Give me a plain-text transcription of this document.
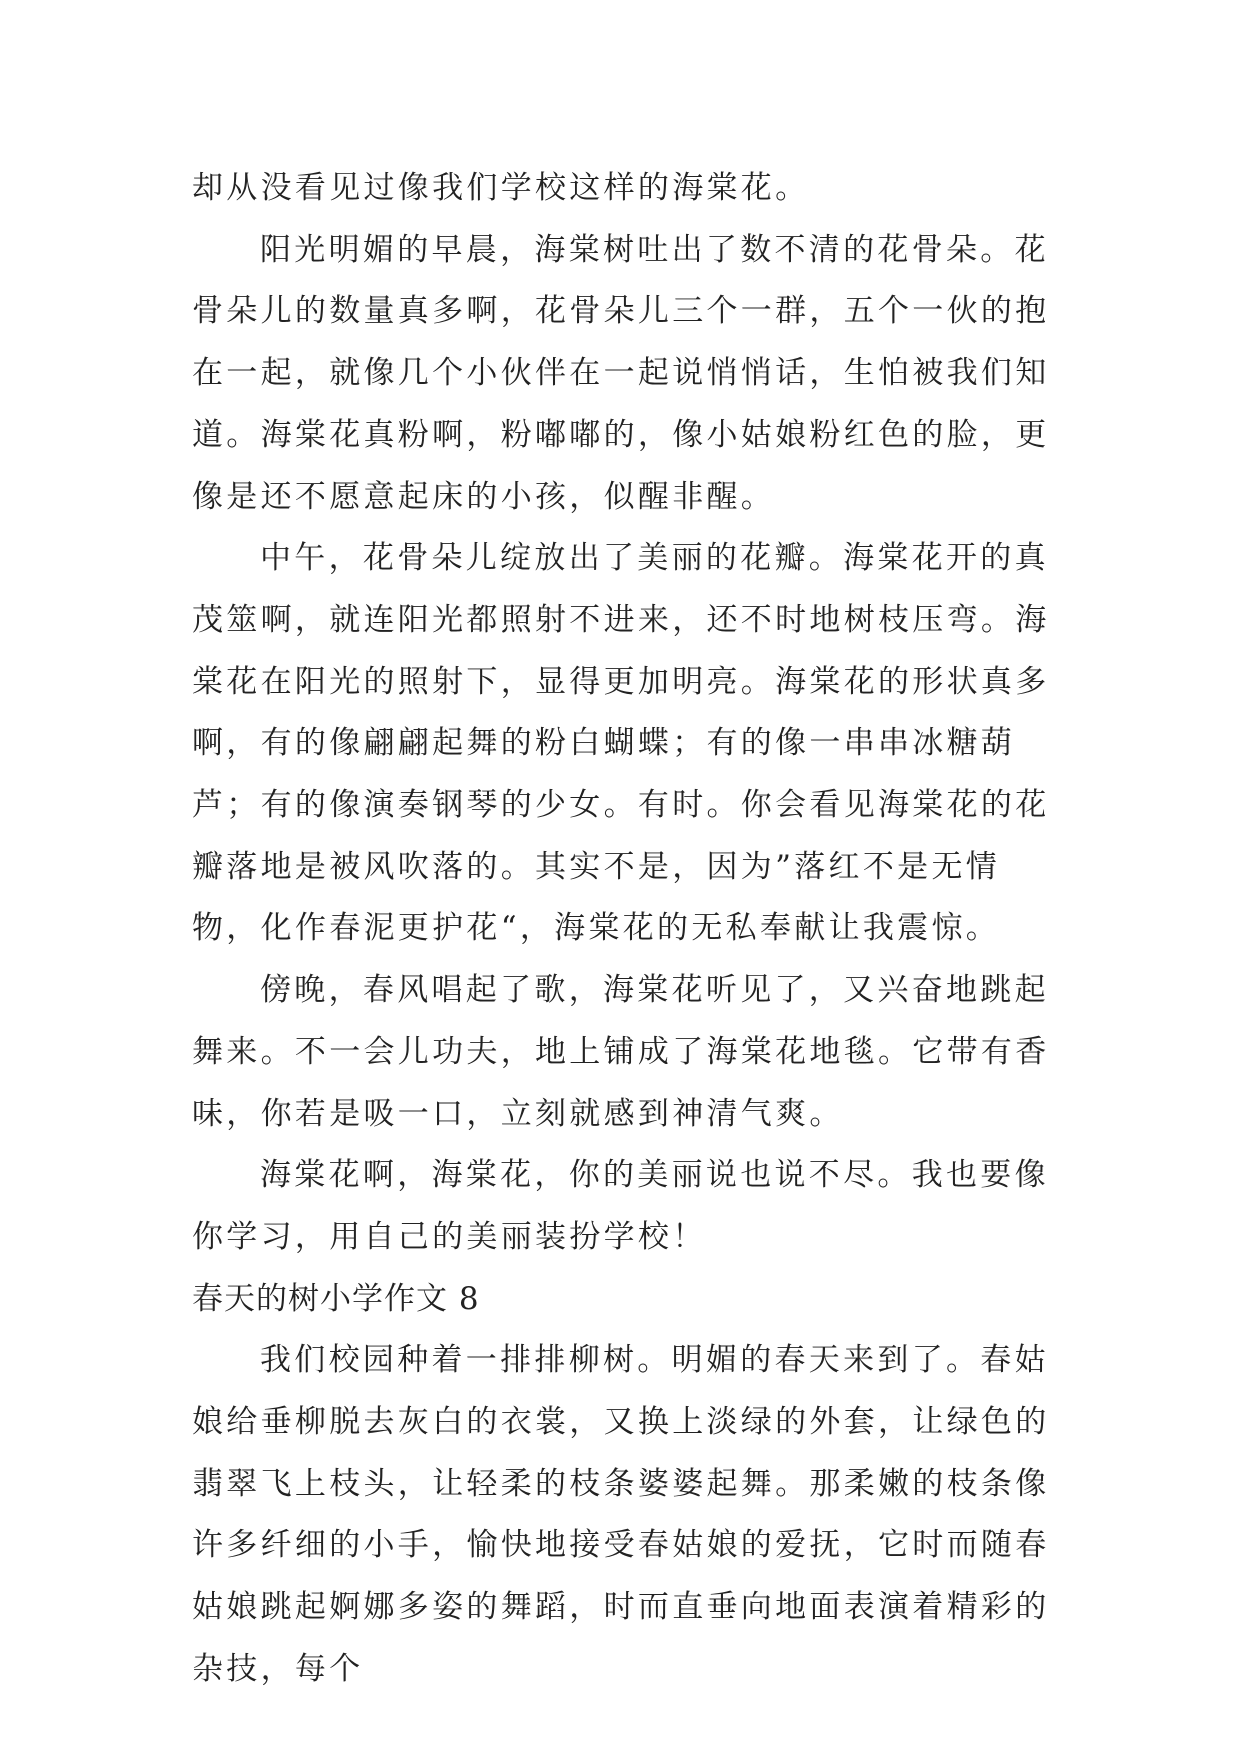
却从没看见过像我们学校这样的海棠花。

阳光明媚的早晨，海棠树吐出了数不清的花骨朵。花骨朵儿的数量真多啊，花骨朵儿三个一群，五个一伙的抱在一起，就像几个小伙伴在一起说悄悄话，生怕被我们知道。海棠花真粉啊，粉嘟嘟的，像小姑娘粉红色的脸，更像是还不愿意起床的小孩，似醒非醒。

中午，花骨朵儿绽放出了美丽的花瓣。海棠花开的真茂筮啊，就连阳光都照射不进来，还不时地树枝压弯。海棠花在阳光的照射下，显得更加明亮。海棠花的形状真多啊，有的像翩翩起舞的粉白蝴蝶；有的像一串串冰糖葫芦；有的像演奏钢琴的少女。有时。你会看见海棠花的花瓣落地是被风吹落的。其实不是，因为”落红不是无情物，化作春泥更护花“，海棠花的无私奉献让我震惊。

傍晚，春风唱起了歌，海棠花听见了，又兴奋地跳起舞来。不一会儿功夫，地上铺成了海棠花地毯。它带有香味，你若是吸一口，立刻就感到神清气爽。

海棠花啊，海棠花，你的美丽说也说不尽。我也要像你学习，用自己的美丽装扮学校！

春天的树小学作文 8

我们校园种着一排排柳树。明媚的春天来到了。春姑娘给垂柳脱去灰白的衣裳，又换上淡绿的外套，让绿色的翡翠飞上枝头，让轻柔的枝条婆婆起舞。那柔嫩的枝条像许多纤细的小手，愉快地接受春姑娘的爱抚，它时而随春姑娘跳起婀娜多姿的舞蹈，时而直垂向地面表演着精彩的杂技，每个
